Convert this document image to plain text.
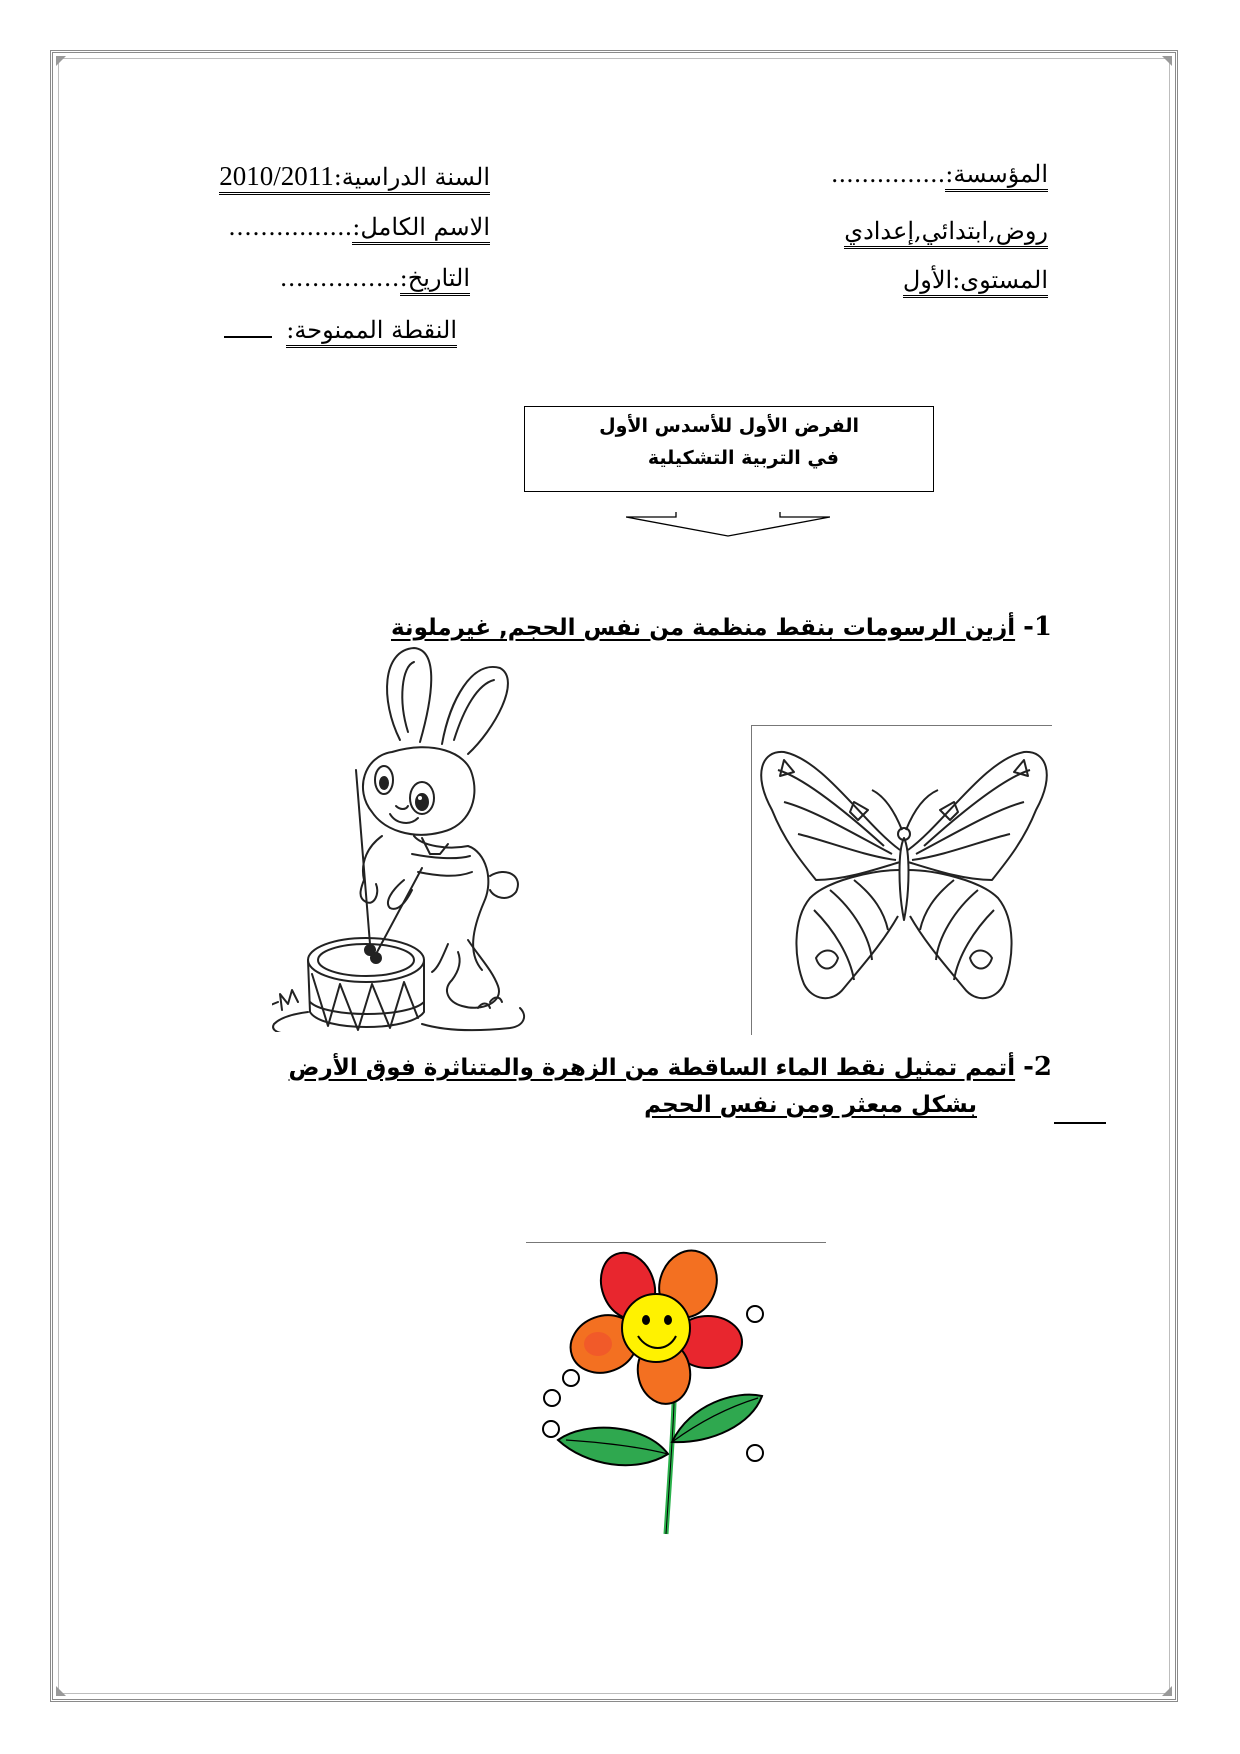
المؤسسة:...............
روض,ابتدائي,إعدادي
المستوى:الأول
السنة الدراسية:2010/2011
الاسم الكامل:..........‥‥‥
التاريخ:……………
النقطة الممنوحة:
الفرض الأول للأسدس الأول
في التربية التشكيلية
1- أزين الرسومات بنقط منظمة من نفس الحجم, غيرملونة
2- أتمم تمثيل نقط الماء الساقطة من الزهرة والمتناثرة فوق الأرض
بشكل مبعثر ومن نفس الحجم
